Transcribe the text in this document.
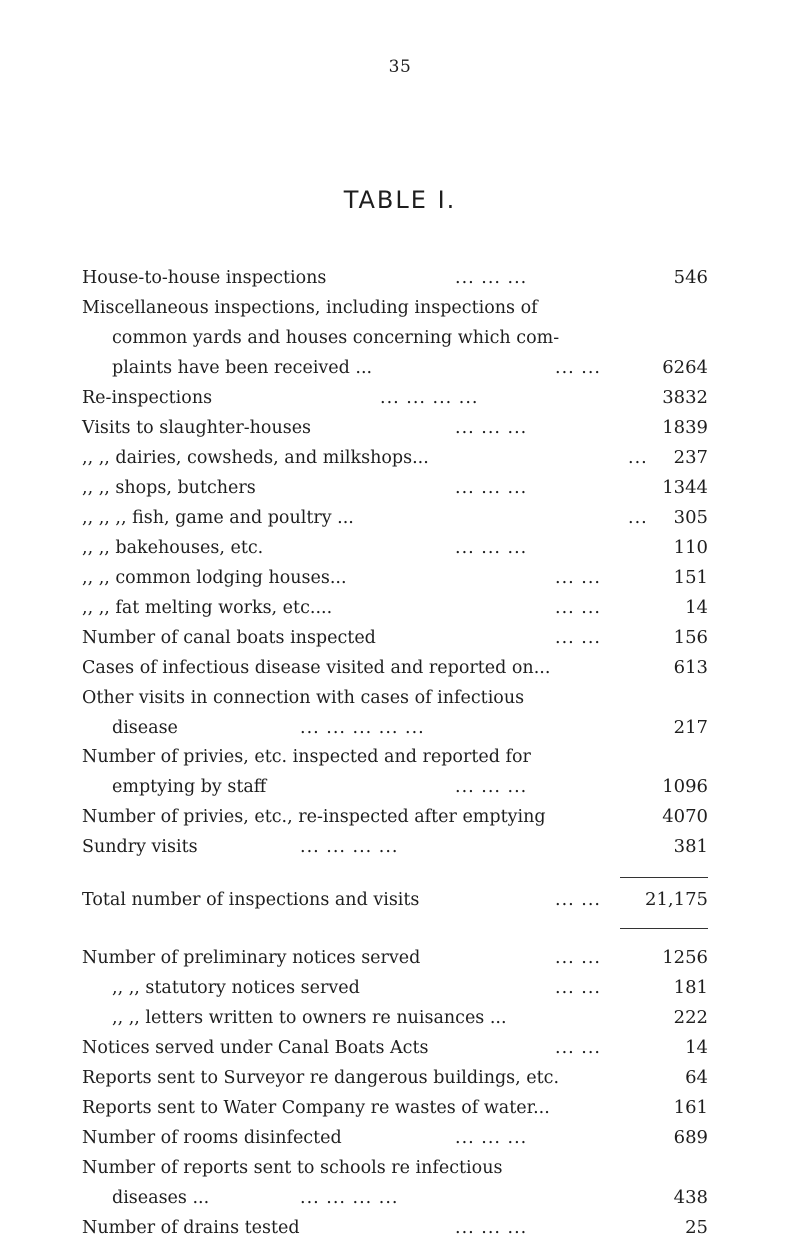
35
TABLE I.
House-to-house inspections	... ... ...	546
Miscellaneous inspections, including inspections of
common yards and houses concerning which com-
plaints have been received ...	... ...	6264
Re-inspections	... ... ... ...	3832
Visits to slaughter-houses	... ... ...	1839
,, ,, dairies, cowsheds, and milkshops...	... 237
,, ,, shops, butchers	... ... ...	1344
,, ,, ,, fish, game and poultry ...	... 305
,, ,, bakehouses, etc.	... ... ...	110
,, ,, common lodging houses...	... ...	151
,, ,, fat melting works, etc....	... ...	14
Number of canal boats inspected	... ...	156
Cases of infectious disease visited and reported on...	613
Other visits in connection with cases of infectious
disease	... ... ... ... ...	217
Number of privies, etc. inspected and reported for
emptying by staff	... ... ...	1096
Number of privies, etc., re-inspected after emptying	4070
Sundry visits	... ... ... ...	381
Total number of inspections and visits	... ... 21,175
Number of preliminary notices served	... ...	1256
,, ,, statutory notices served	... ...	181
,, ,, letters written to owners re nuisances ...	222
Notices served under Canal Boats Acts	... ...	14
Reports sent to Surveyor re dangerous buildings, etc.	64
Reports sent to Water Company re wastes of water...	161
Number of rooms disinfected	... ... ...	689
Number of reports sent to schools re infectious
diseases ...	... ... ... ...	438
Number of drains tested	... ... ...	25
